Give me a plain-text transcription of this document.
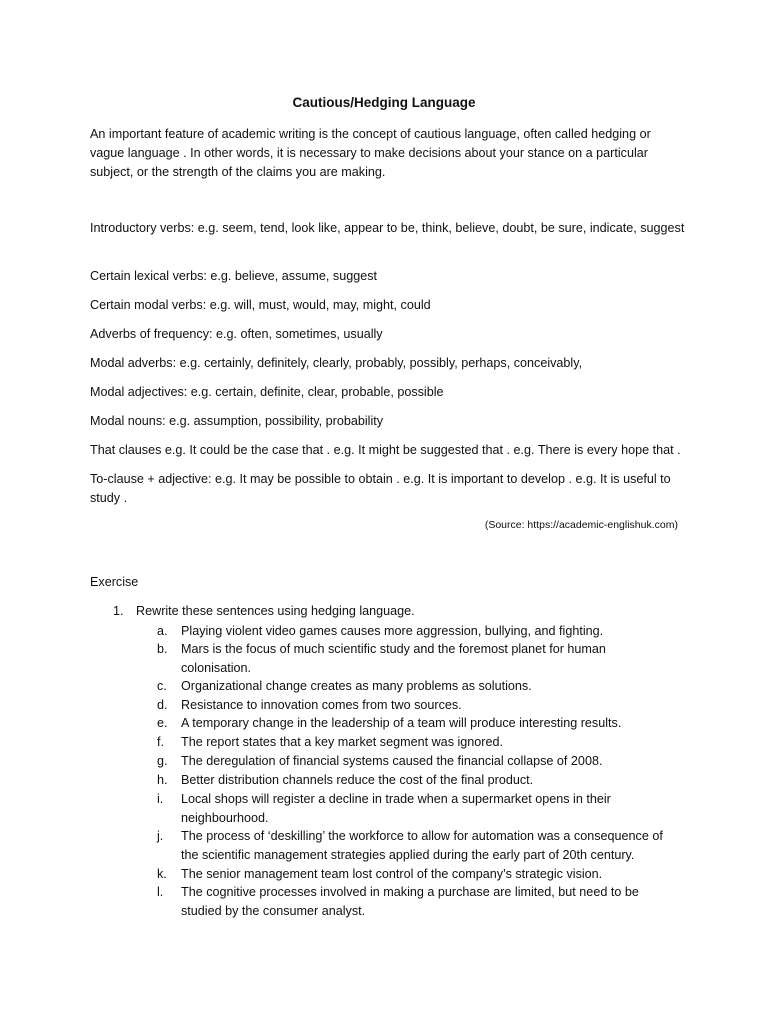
Cautious/Hedging Language
An important feature of academic writing is the concept of cautious language, often called hedging or vague language . In other words, it is necessary to make decisions about your stance on a particular subject, or the strength of the claims you are making.
Introductory verbs: e.g. seem, tend, look like, appear to be, think, believe, doubt, be sure, indicate, suggest
Certain lexical verbs: e.g. believe, assume, suggest
Certain modal verbs: e.g. will, must, would, may, might, could
Adverbs of frequency: e.g. often, sometimes, usually
Modal adverbs: e.g. certainly, definitely, clearly, probably, possibly, perhaps, conceivably,
Modal adjectives: e.g. certain, definite, clear, probable, possible
Modal nouns: e.g. assumption, possibility, probability
That clauses e.g. It could be the case that . e.g. It might be suggested that . e.g. There is every hope that .
To-clause + adjective: e.g. It may be possible to obtain . e.g. It is important to develop . e.g. It is useful to study .
(Source: https://academic-englishuk.com)
Exercise
1. Rewrite these sentences using hedging language.
a. Playing violent video games causes more aggression, bullying, and fighting.
b. Mars is the focus of much scientific study and the foremost planet for human colonisation.
c. Organizational change creates as many problems as solutions.
d. Resistance to innovation comes from two sources.
e. A temporary change in the leadership of a team will produce interesting results.
f. The report states that a key market segment was ignored.
g. The deregulation of financial systems caused the financial collapse of 2008.
h. Better distribution channels reduce the cost of the final product.
i. Local shops will register a decline in trade when a supermarket opens in their neighbourhood.
j. The process of ‘deskilling’ the workforce to allow for automation was a consequence of the scientific management strategies applied during the early part of 20th century.
k. The senior management team lost control of the company’s strategic vision.
l. The cognitive processes involved in making a purchase are limited, but need to be studied by the consumer analyst.
